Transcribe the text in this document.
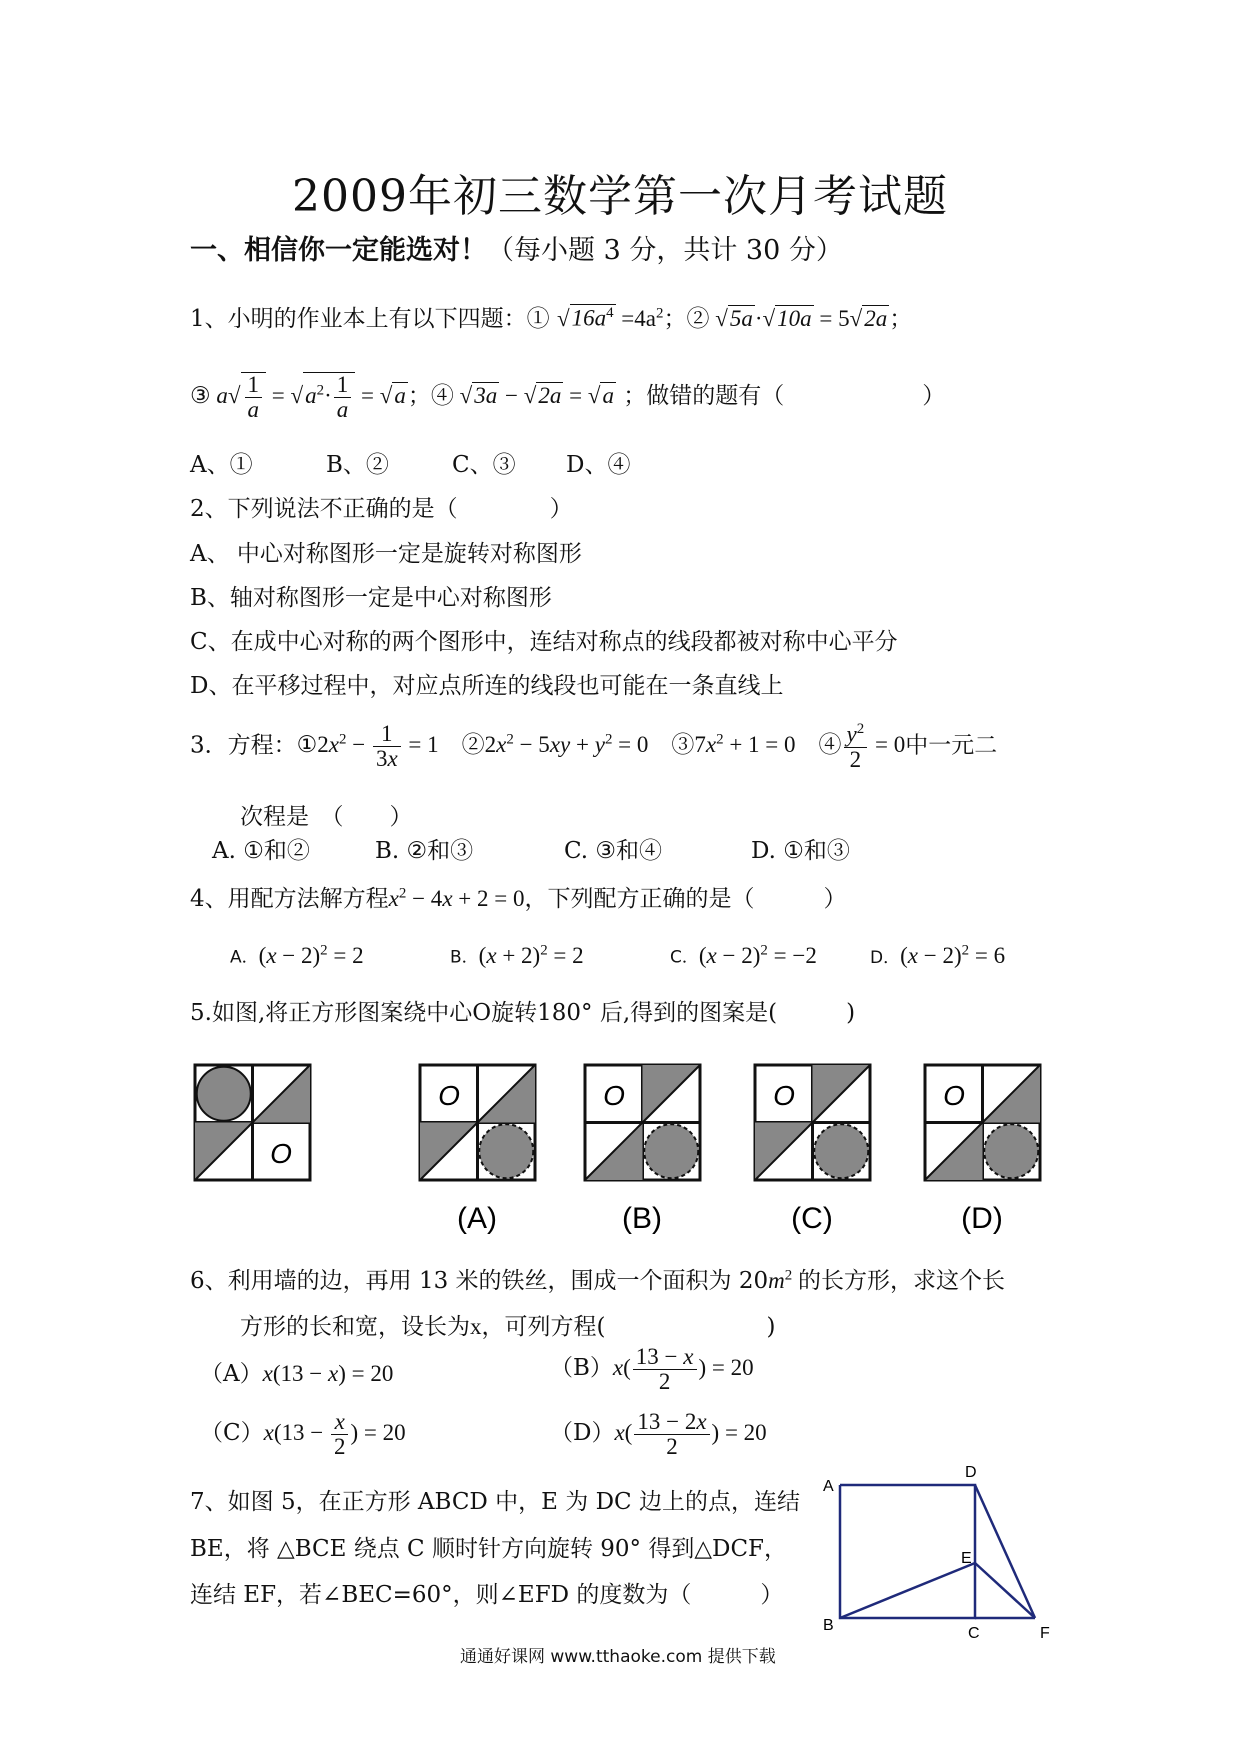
2009年初三数学第一次月考试题
一、相信你一定能选对！（每小题 3 分，共计 30 分）
1、小明的作业本上有以下四题：① $√16a^4 =4a^2$；② √5a·√10a = 5√2a；
③ $a√ \frac{1}{a} = √a^2\cdot \frac{1}{a} = √a$；④ √3a − √2a = √a ；做错的题有（　　　　　　）
A、①	B、②	C、③ D、④
2、下列说法不正确的是（　　　　）
A、 中心对称图形一定是旋转对称图形
B、轴对称图形一定是中心对称图形
C、在成中心对称的两个图形中，连结对称点的线段都被对称中心平分
D、在平移过程中，对应点所连的线段也可能在一条直线上
3．方程：$①2x^2 - \frac{1}{3x} = 1$　$②2x^2 - 5xy + y^2 = 0$　$③7x^2 + 1 = 0$　④ $\frac{y^2}{2} = 0$中一元二
次程是　（　　）
A. ①和②	B. ②和③	C. ③和④	D. ①和③
4、用配方法解方程$x^2 - 4x + 2 = 0$，下列配方正确的是（　　　）
A．$(x - 2)^2 = 2$	B．$(x + 2)^2 = 2$	C．$(x - 2)^2 = -2$	D．$(x - 2)^2 = 6$
5.如图,将正方形图案绕中心O旋转180° 后,得到的图案是(　　　)
O
O	O	O	O
(A)	(B)	(C)	(D)
6、利用墙的边，再用 13 米的铁丝，围成一个面积为 $20m^2$ 的长方形，求这个长
方形的长和宽，设长为x，可列方程(　　　　　　　)
（A）x(13 − x) = 20	$(B)x( \frac{13 - x}{2}$ ) = 20
$(C)x(13 - \frac{x}{2}$ ) = 20	$(D)x( \frac{13 - 2x}{2}$ ) = 20
7、如图 5，在正方形 ABCD 中，E 为 DC 边上的点，连结
BE，将 △BCE 绕点 C 顺时针方向旋转 90° 得到△DCF，
连结 EF，若∠BEC=60°，则∠EFD 的度数为（　　　）
A
D
E
B	C	F
通通好课网 www.tthaoke.com 提供下载
